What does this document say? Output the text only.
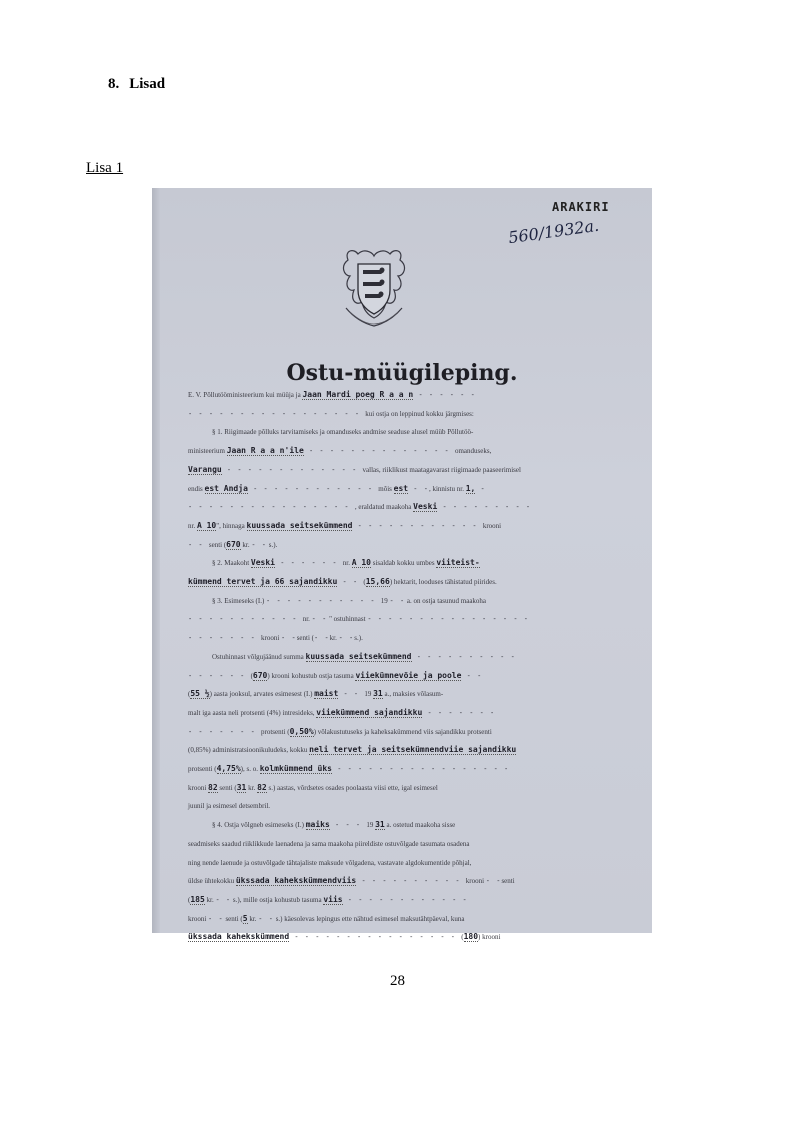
8. Lisad
Lisa 1
ARAKIRI
560/1932a.
Ostu-müügileping.
E. V. Põllutööministeerium kui müüja ja Jaan Mardi poeg R a a n - - - - - -
- - - - - - - - - - - - - - - - - kui ostja on leppinud kokku järgmises:
§ 1. Riigimaade põlluks tarvitamiseks ja omanduseks andmise seaduse alusel müüb Põllutöö-
ministeerium Jaan R a a n'ile - - - - - - - - - - - - - - omanduseks,
Varangu - - - - - - - - - - - - - vallas, riiklikust maatagavarast riigimaade paaseerimisel
endis est Andja - - - - - - - - - - - - mõis est - -, kinnistu nr. 1, -
- - - - - - - - - - - - - - - - , eraldatud maakoha Veski - - - - - - - - -
nr. A 10", hinnaga kuussada seitsekümmend - - - - - - - - - - - - krooni
- - senti (670 kr. - - s.).
§ 2. Maakoht Veski - - - - - - nr. A 10 sisaldab kokku umbes viiteist-
kümmend tervet ja 66 sajandikku - - (15,66) hektarit, looduses tähistatud piirides.
§ 3. Esimeseks (I.) - - - - - - - - - - - 19 - - a. on ostja tasunud maakoha
- - - - - - - - - - - nr. - - " ostuhinnast - - - - - - - - - - - - - - - -
- - - - - - - krooni - -senti (- -kr. - -s.).
Ostuhinnast võlgujäänud summa kuussada seitsekümmend - - - - - - - - - -
- - - - - - (670) krooni kohustub ostja tasuma viiekümnevõie ja poole - -
(55 ½) aasta jooksul, arvates esimesest (I.) maist - - 19 31 a., maksies võlasum-
malt iga aasta neli protsenti (4%) intresideks, viiekümmend sajandikku - - - - - - -
- - - - - - - protsenti (0,50%) võlakustutuseks ja kaheksakümmend viis sajandikku protsenti
(0,85%) administratsioonikuludeks, kokku neli tervet ja seitsekümnendviie sajandikku
protsenti (4,75%), s. o. kolmkümmend üks - - - - - - - - - - - - - - - - -
krooni 82 senti (31 kr. 82 s.) aastas, võrdsetes osades poolaasta viisi ette, igal esimesel
juunil ja esimesel detsembril.
§ 4. Ostja võlgneb esimeseks (I.) maiks - - - 19 31 a. ostetud maakoha sisse
seadmiseks saadud riiklikkude laenadena ja sama maakoha piireldiste ostuvõlgade tasumata osadena
ning nende laenude ja ostuvõlgade tähtajaliste maksude võlgadena, vastavate algdokumentide põhjal,
üldse ühtekokku ükssada kahekskümmendviis - - - - - - - - - - krooni - -senti
(185 kr. - - s.), mille ostja kohustub tasuma viis - - - - - - - - - - - -
krooni - - senti (5 kr. - - s.) käesolevas lepingus ette nähtud esimesel maksutähtpäeval, kuna
ükssada kahekskümmend - - - - - - - - - - - - - - - - (180) krooni
28
